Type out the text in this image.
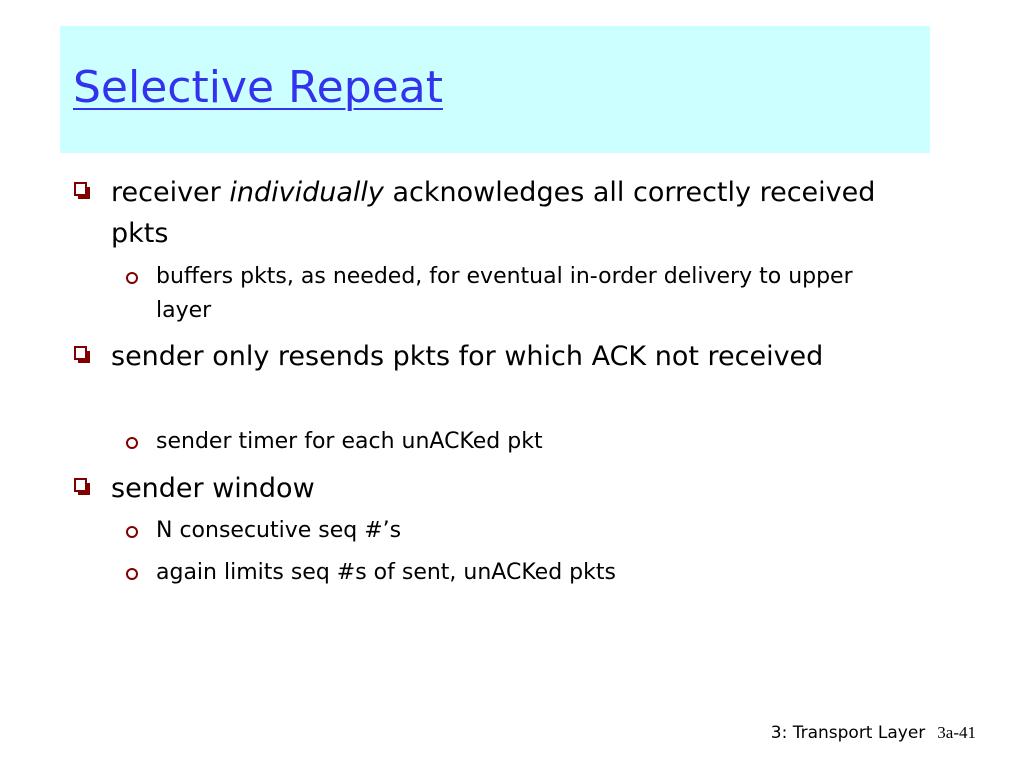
Selective Repeat
receiver individually acknowledges all correctly received pkts
buffers pkts, as needed, for eventual in-order delivery to upper layer
sender only resends pkts for which ACK not received
sender timer for each unACKed pkt
sender window
N consecutive seq #’s
again limits seq #s of sent, unACKed pkts
3: Transport Layer 3a-41
